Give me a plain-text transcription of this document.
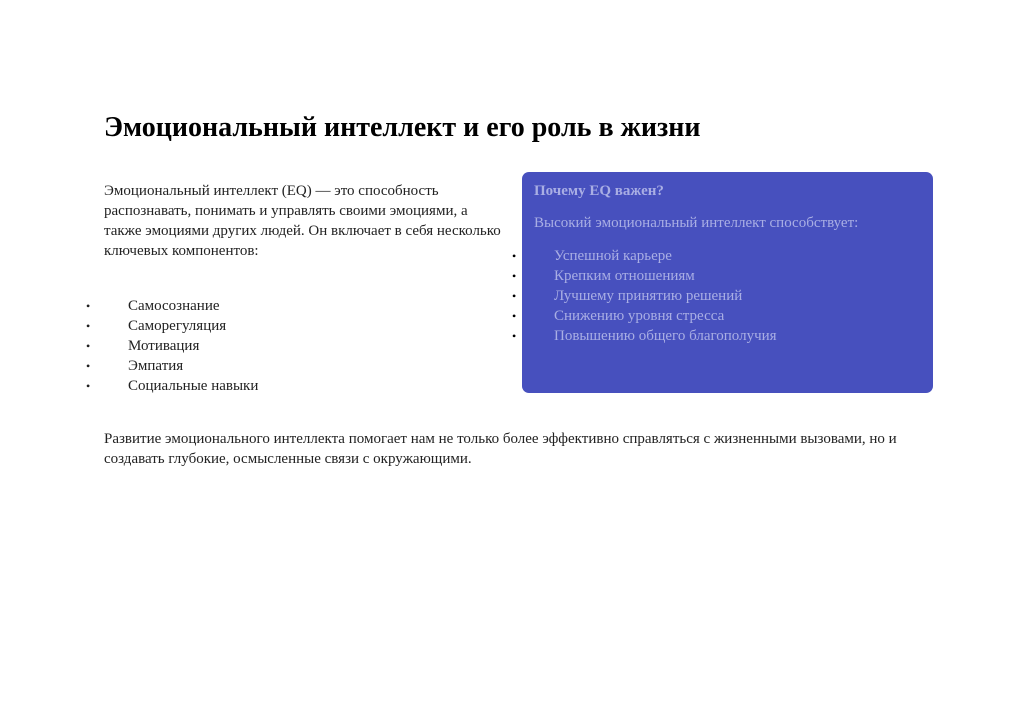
Эмоциональный интеллект и его роль в жизни

Эмоциональный интеллект (EQ) — это способность распознавать, понимать и управлять своими эмоциями, а также эмоциями других людей. Он включает в себя несколько ключевых компонентов:

•	Самосознание
•	Саморегуляция
•	Мотивация
•	Эмпатия
•	Социальные навыки
Почему EQ важен?

Высокий эмоциональный интеллект способствует:

•	Успешной карьере
•	Крепким отношениям
•	Лучшему принятию решений
•	Снижению уровня стресса
•	Повышению общего благополучия

Развитие эмоционального интеллекта помогает нам не только более эффективно справляться с жизненными вызовами, но и создавать глубокие, осмысленные связи с окружающими.
